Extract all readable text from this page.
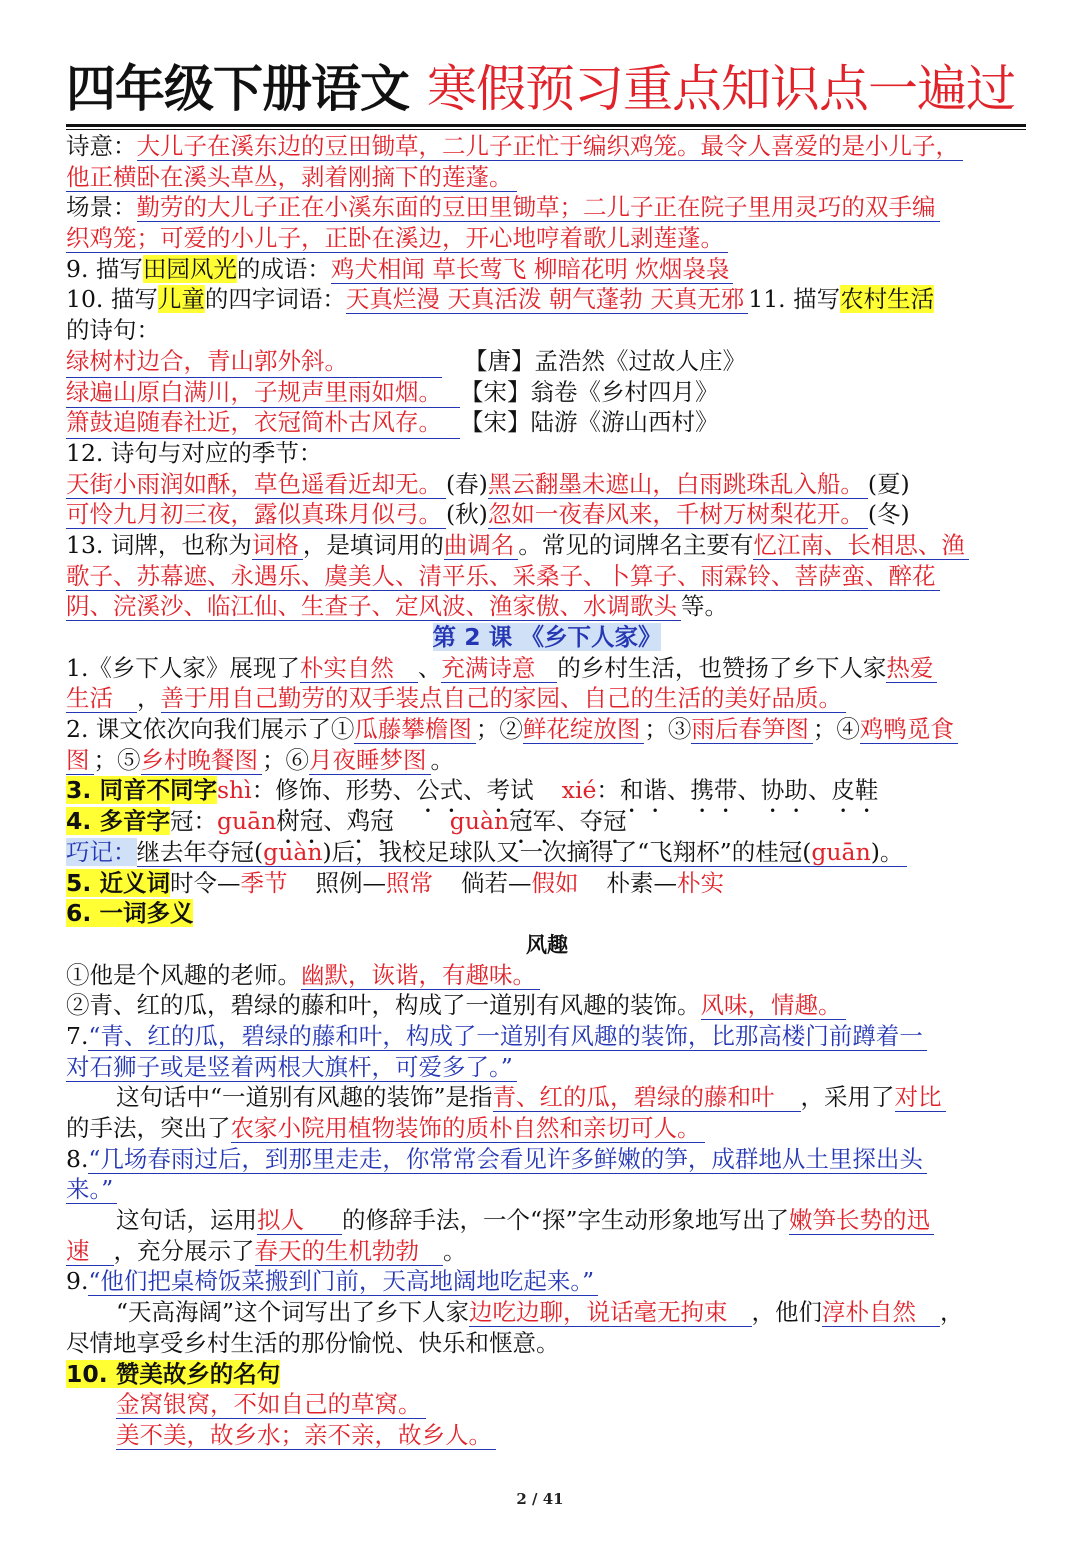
四年级下册语文 寒假预习重点知识点一遍过
诗意：大儿子在溪东边的豆田锄草，二儿子正忙于编织鸡笼。最令人喜爱的是小儿子，
他正横卧在溪头草丛，剥着刚摘下的莲蓬。
场景：勤劳的大儿子正在小溪东面的豆田里锄草；二儿子正在院子里用灵巧的双手编
织鸡笼；可爱的小儿子，正卧在溪边，开心地哼着歌儿剥莲蓬。
9. 描写田园风光的成语：鸡犬相闻 草长莺飞 柳暗花明 炊烟袅袅
10. 描写儿童的四字词语：天真烂漫 天真活泼 朝气蓬勃 天真无邪 11. 描写农村生活
的诗句：
绿树村边合，青山郭外斜。	【唐】孟浩然《过故人庄》
绿遍山原白满川，子规声里雨如烟。 【宋】翁卷《乡村四月》
箫鼓追随春社近，衣冠简朴古风存。 【宋】陆游《游山西村》
12. 诗句与对应的季节：
天街小雨润如酥，草色遥看近却无。 (春)黑云翻墨未遮山，白雨跳珠乱入船。 (夏)
可怜九月初三夜，露似真珠月似弓。 (秋)忽如一夜春风来，千树万树梨花开。 (冬)
13. 词牌，也称为词格 ，是填词用的曲调名 。常见的词牌名主要有忆江南、长相思、渔
歌子、苏幕遮、永遇乐、虞美人、清平乐、采桑子、卜算子、雨霖铃、菩萨蛮、醉花
阴、浣溪沙、临江仙、生查子、定风波、渔家傲、水调歌头 等。
第 2 课 《乡下人家》
1.《乡下人家》展现了朴实自然 、充满诗意 的乡村生活，也赞扬了乡下人家热爱
生活 ，善于用自己勤劳的双手装点自己的家园、自己的生活的美好品质。
2. 课文依次向我们展示了①瓜藤攀檐图 ；②鲜花绽放图 ；③雨后春笋图 ；④鸡鸭觅食
图 ；⑤乡村晚餐图 ；⑥月夜睡梦图 。
3. 同音不同字shì：修饰、形势、公式、考试 xié：和谐、携带、协助、皮鞋
4. 多音字冠：guān树冠、鸡冠 guàn冠军、夺冠
巧记：继去年夺冠(guàn)后，我校足球队又一次摘得了“飞翔杯”的桂冠(guān)。
5. 近义词时令—季节 照例—照常 倘若—假如 朴素—朴实
6. 一词多义
风趣
①他是个风趣的老师。幽默，诙谐，有趣味。
②青、红的瓜，碧绿的藤和叶，构成了一道别有风趣的装饰。风味，情趣。
7.“青、红的瓜，碧绿的藤和叶，构成了一道别有风趣的装饰，比那高楼门前蹲着一
对石狮子或是竖着两根大旗杆，可爱多了。”
这句话中“一道别有风趣的装饰”是指青、红的瓜，碧绿的藤和叶 ，采用了对比
的手法，突出了农家小院用植物装饰的质朴自然和亲切可人。
8.“几场春雨过后，到那里走走，你常常会看见许多鲜嫩的笋，成群地从土里探出头
来。”
这句话，运用拟人 的修辞手法，一个“探”字生动形象地写出了嫩笋长势的迅
速 ，充分展示了春天的生机勃勃 。
9.“他们把桌椅饭菜搬到门前，天高地阔地吃起来。”
“天高海阔”这个词写出了乡下人家边吃边聊，说话毫无拘束 ，他们淳朴自然 ，
尽情地享受乡村生活的那份愉悦、快乐和惬意。
10. 赞美故乡的名句
金窝银窝，不如自己的草窝。
美不美，故乡水；亲不亲，故乡人。
2 / 41
